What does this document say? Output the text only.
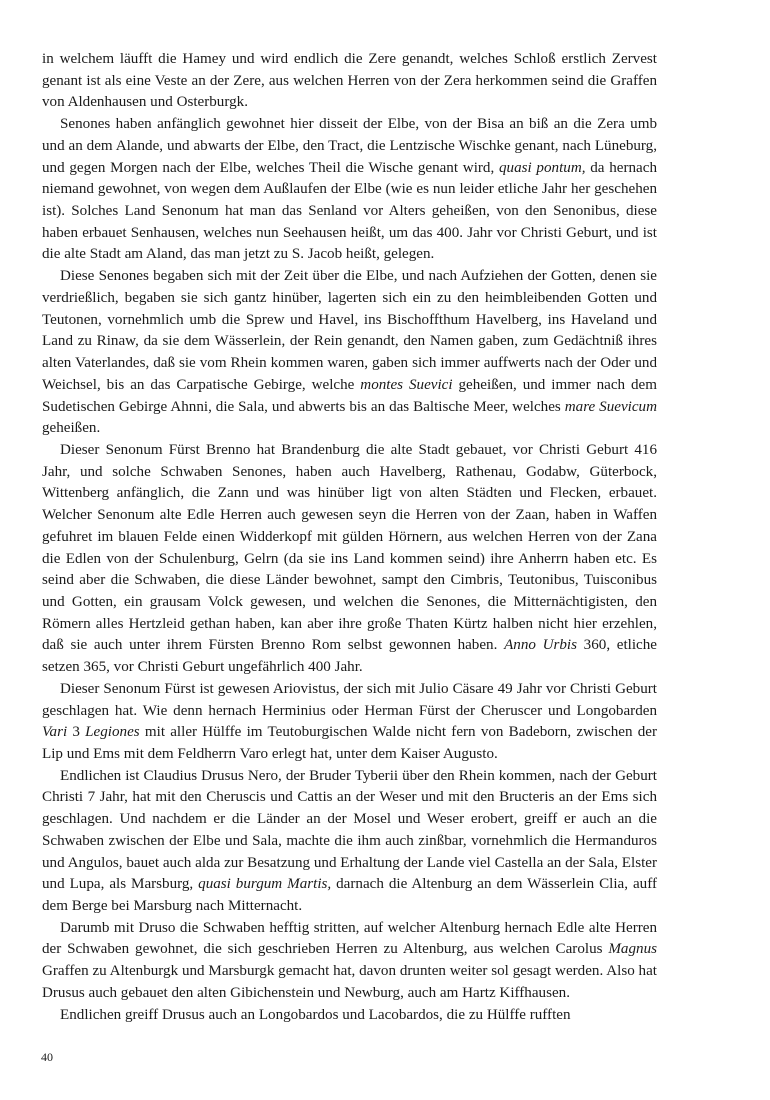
in welchem läufft die Hamey und wird endlich die Zere genandt, welches Schloß erstlich Zervest genant ist als eine Veste an der Zere, aus welchen Herren von der Zera herkommen seind die Graffen von Aldenhausen und Osterburgk.

Senones haben anfänglich gewohnet hier disseit der Elbe, von der Bisa an biß an die Zera umb und an dem Alande, und abwarts der Elbe, den Tract, die Lentzische Wischke genant, nach Lüneburg, und gegen Morgen nach der Elbe, welches Theil die Wische genant wird, quasi pontum, da hernach niemand gewohnet, von wegen dem Außlaufen der Elbe (wie es nun leider etliche Jahr her geschehen ist). Solches Land Senonum hat man das Senland vor Alters geheißen, von den Senonibus, diese haben erbauet Senhausen, welches nun Seehausen heißt, um das 400. Jahr vor Christi Geburt, und ist die alte Stadt am Aland, das man jetzt zu S. Jacob heißt, gelegen.

Diese Senones begaben sich mit der Zeit über die Elbe, und nach Aufziehen der Gotten, denen sie verdrießlich, begaben sie sich gantz hinüber, lagerten sich ein zu den heimbleibenden Gotten und Teutonen, vornehmlich umb die Sprew und Havel, ins Bischoffthum Havelberg, ins Haveland und Land zu Rinaw, da sie dem Wässerlein, der Rein genandt, den Namen gaben, zum Gedächtniß ihres alten Vaterlandes, daß sie vom Rhein kommen waren, gaben sich immer auffwerts nach der Oder und Weichsel, bis an das Carpatische Gebirge, welche montes Suevici geheißen, und immer nach dem Sudetischen Gebirge Ahnni, die Sala, und abwerts bis an das Baltische Meer, welches mare Suevicum geheißen.

Dieser Senonum Fürst Brenno hat Brandenburg die alte Stadt gebauet, vor Christi Geburt 416 Jahr, und solche Schwaben Senones, haben auch Havelberg, Rathenau, Godabw, Güterbock, Wittenberg anfänglich, die Zann und was hinüber ligt von alten Städten und Flecken, erbauet. Welcher Senonum alte Edle Herren auch gewesen seyn die Herren von der Zaan, haben in Waffen gefuhret im blauen Felde einen Widderkopf mit gülden Hörnern, aus welchen Herren von der Zana die Edlen von der Schulenburg, Gelrn (da sie ins Land kommen seind) ihre Anherrn haben etc. Es seind aber die Schwaben, die diese Länder bewohnet, sampt den Cimbris, Teutonibus, Tuisconibus und Gotten, ein grausam Volck gewesen, und welchen die Senones, die Mitternächtigisten, den Römern alles Hertzleid gethan haben, kan aber ihre große Thaten Kürtz halben nicht hier erzehlen, daß sie auch unter ihrem Fürsten Brenno Rom selbst gewonnen haben. Anno Urbis 360, etliche setzen 365, vor Christi Geburt ungefährlich 400 Jahr.

Dieser Senonum Fürst ist gewesen Ariovistus, der sich mit Julio Cäsare 49 Jahr vor Christi Geburt geschlagen hat. Wie denn hernach Herminius oder Herman Fürst der Cheruscer und Longobarden Vari 3 Legiones mit aller Hülffe im Teutoburgischen Walde nicht fern von Badeborn, zwischen der Lip und Ems mit dem Feldherrn Varo erlegt hat, unter dem Kaiser Augusto.

Endlichen ist Claudius Drusus Nero, der Bruder Tyberii über den Rhein kommen, nach der Geburt Christi 7 Jahr, hat mit den Cheruscis und Cattis an der Weser und mit den Bructeris an der Ems sich geschlagen. Und nachdem er die Länder an der Mosel und Weser erobert, greiff er auch an die Schwaben zwischen der Elbe und Sala, machte die ihm auch zinßbar, vornehmlich die Hermanduros und Angulos, bauet auch alda zur Besatzung und Erhaltung der Lande viel Castella an der Sala, Elster und Lupa, als Marsburg, quasi burgum Martis, darnach die Altenburg an dem Wässerlein Clia, auff dem Berge bei Marsburg nach Mitternacht.

Darumb mit Druso die Schwaben hefftig stritten, auf welcher Altenburg hernach Edle alte Herren der Schwaben gewohnet, die sich geschrieben Herren zu Altenburg, aus welchen Carolus Magnus Graffen zu Altenburgk und Marsburgk gemacht hat, davon drunten weiter sol gesagt werden. Also hat Drusus auch gebauet den alten Gibichenstein und Newburg, auch am Hartz Kiffhausen.

Endlichen greiff Drusus auch an Longobardos und Lacobardos, die zu Hülffe rufften

40
